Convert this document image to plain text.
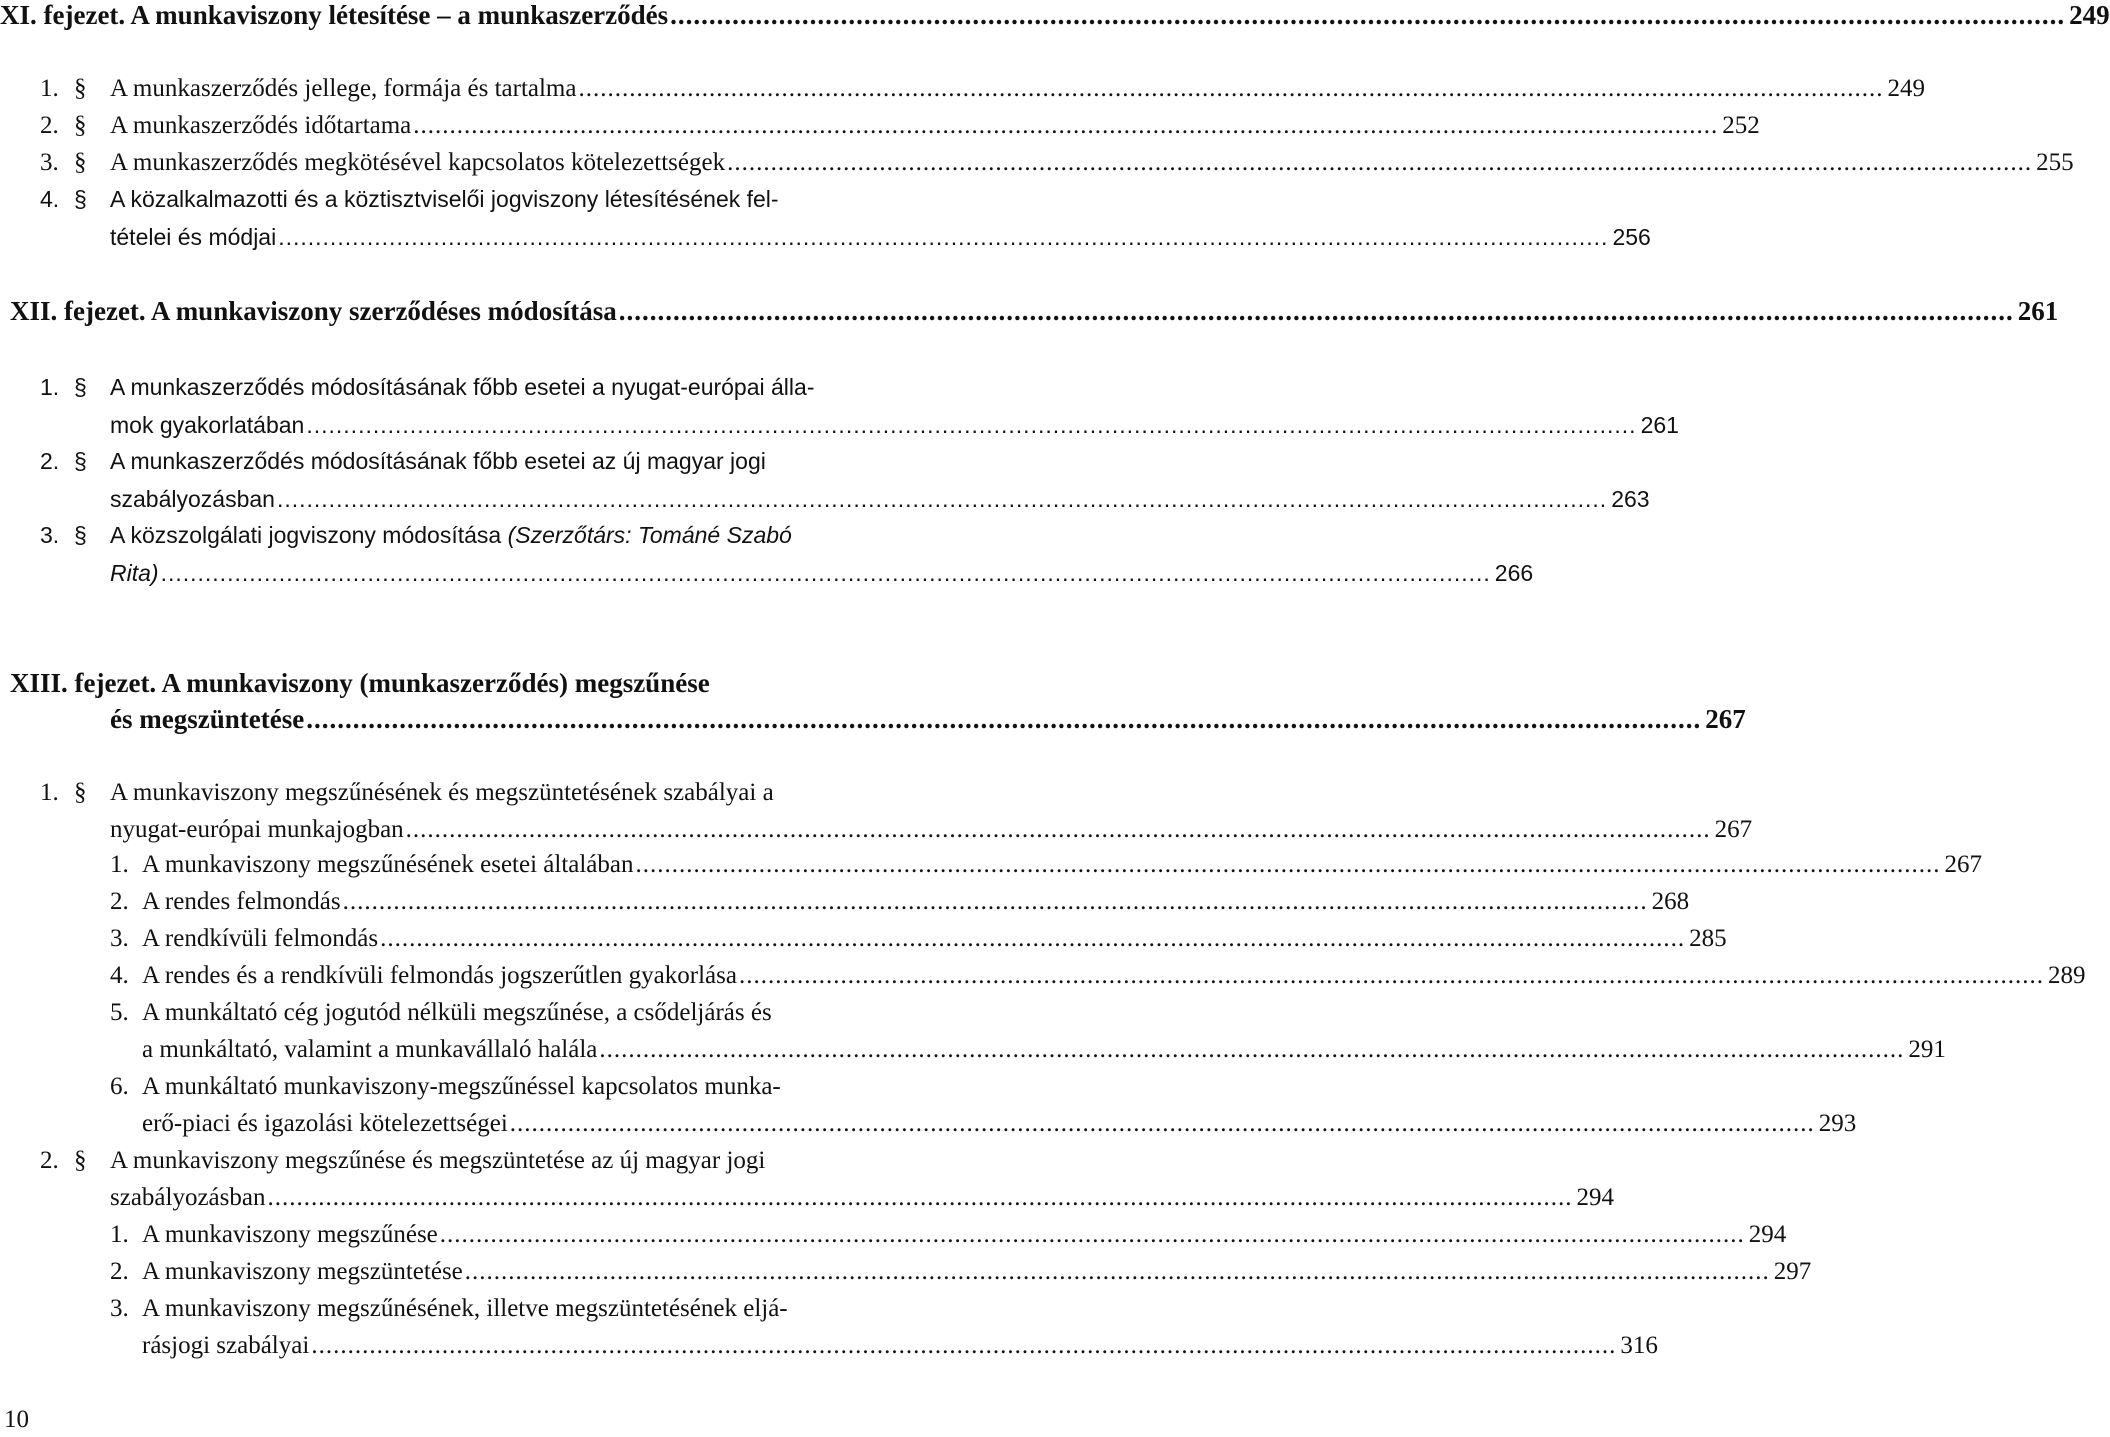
XI. fejezet. A munkaviszony létesítése – a munkaszerződés .................................................................................................................................................................................... 249
1. § A munkaszerződés jellege, formája és tartalma .................................................................................................................................................................................... 249
2. § A munkaszerződés időtartama .................................................................................................................................................................................... 252
3. § A munkaszerződés megkötésével kapcsolatos kötelezettségek .................................................................................................................................................................................... 255
4. § A közalkalmazotti és a köztisztviselői jogviszony létesítésének fel-
tételei és módjai .................................................................................................................................................................................... 256
XII. fejezet. A munkaviszony szerződéses módosítása .................................................................................................................................................................................... 261
1. § A munkaszerződés módosításának főbb esetei a nyugat-európai álla-
mok gyakorlatában .................................................................................................................................................................................... 261
2. § A munkaszerződés módosításának főbb esetei az új magyar jogi
szabályozásban .................................................................................................................................................................................... 263
3. § A közszolgálati jogviszony módosítása (Szerzőtárs: Tománé Szabó
Rita) .................................................................................................................................................................................... 266
XIII. fejezet. A munkaviszony (munkaszerződés) megszűnése
és megszüntetése .................................................................................................................................................................................... 267
1. § A munkaviszony megszűnésének és megszüntetésének szabályai a
nyugat-európai munkajogban .................................................................................................................................................................................... 267
1. A munkaviszony megszűnésének esetei általában .................................................................................................................................................................................... 267
2. A rendes felmondás .................................................................................................................................................................................... 268
3. A rendkívüli felmondás .................................................................................................................................................................................... 285
4. A rendes és a rendkívüli felmondás jogszerűtlen gyakorlása .................................................................................................................................................................................... 289
5. A munkáltató cég jogutód nélküli megszűnése, a csődeljárás és
a munkáltató, valamint a munkavállaló halála .................................................................................................................................................................................... 291
6. A munkáltató munkaviszony-megszűnéssel kapcsolatos munka-
erő-piaci és igazolási kötelezettségei .................................................................................................................................................................................... 293
2. § A munkaviszony megszűnése és megszüntetése az új magyar jogi
szabályozásban .................................................................................................................................................................................... 294
1. A munkaviszony megszűnése .................................................................................................................................................................................... 294
2. A munkaviszony megszüntetése .................................................................................................................................................................................... 297
3. A munkaviszony megszűnésének, illetve megszüntetésének eljá-
rásjogi szabályai .................................................................................................................................................................................... 316
10
